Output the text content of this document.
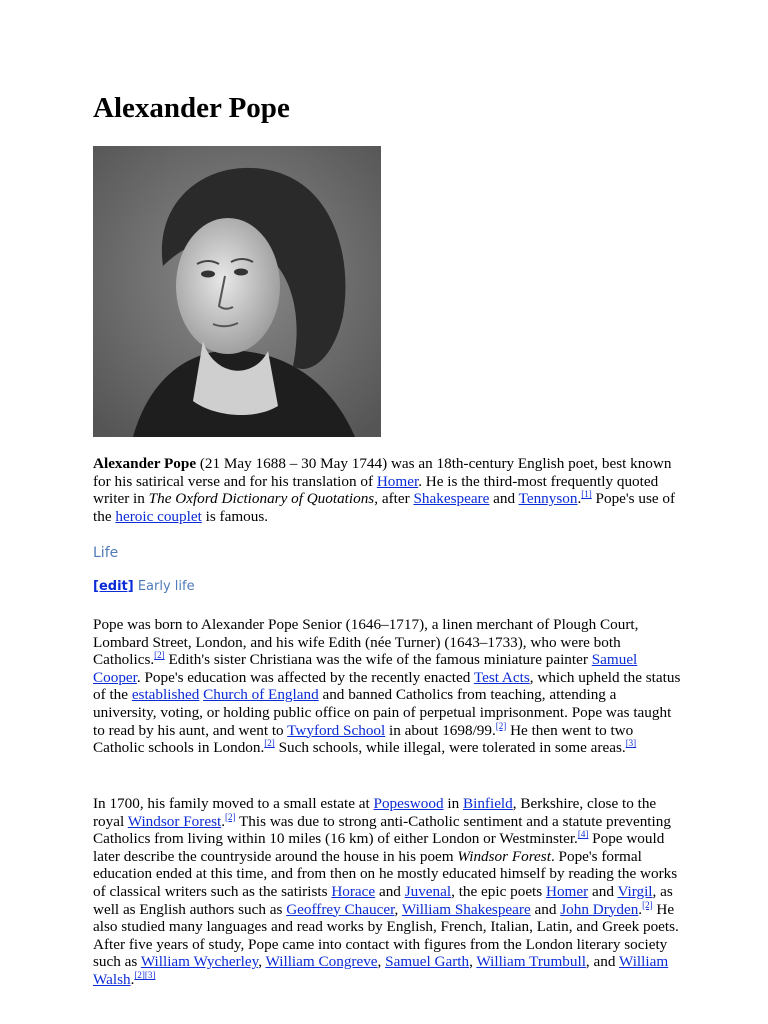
Alexander Pope

Alexander Pope (21 May 1688 – 30 May 1744) was an 18th-century English poet, best known for his satirical verse and for his translation of Homer. He is the third-most frequently quoted writer in The Oxford Dictionary of Quotations, after Shakespeare and Tennyson.[1] Pope's use of the heroic couplet is famous.

Life
[edit] Early life

Pope was born to Alexander Pope Senior (1646–1717), a linen merchant of Plough Court, Lombard Street, London, and his wife Edith (née Turner) (1643–1733), who were both Catholics.[2] Edith's sister Christiana was the wife of the famous miniature painter Samuel Cooper. Pope's education was affected by the recently enacted Test Acts, which upheld the status of the established Church of England and banned Catholics from teaching, attending a university, voting, or holding public office on pain of perpetual imprisonment. Pope was taught to read by his aunt, and went to Twyford School in about 1698/99.[2] He then went to two Catholic schools in London.[2] Such schools, while illegal, were tolerated in some areas.[3]

In 1700, his family moved to a small estate at Popeswood in Binfield, Berkshire, close to the royal Windsor Forest.[2] This was due to strong anti-Catholic sentiment and a statute preventing Catholics from living within 10 miles (16 km) of either London or Westminster.[4] Pope would later describe the countryside around the house in his poem Windsor Forest. Pope's formal education ended at this time, and from then on he mostly educated himself by reading the works of classical writers such as the satirists Horace and Juvenal, the epic poets Homer and Virgil, as well as English authors such as Geoffrey Chaucer, William Shakespeare and John Dryden.[2] He also studied many languages and read works by English, French, Italian, Latin, and Greek poets. After five years of study, Pope came into contact with figures from the London literary society such as William Wycherley, William Congreve, Samuel Garth, William Trumbull, and William Walsh.[2][3]
